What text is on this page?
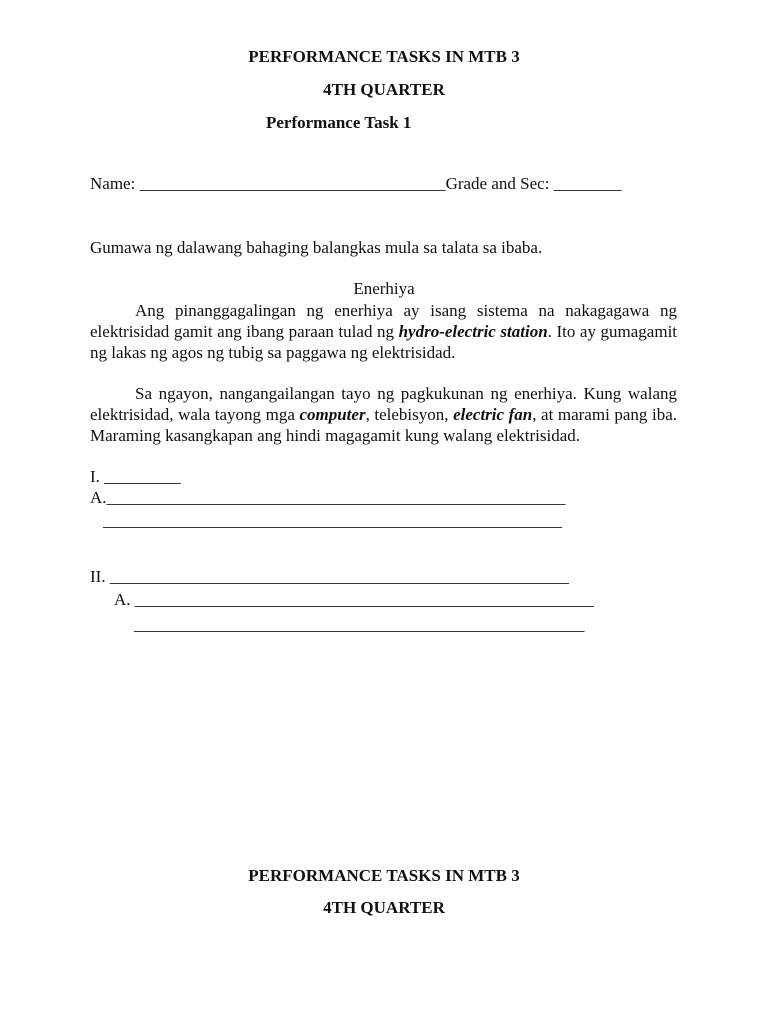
PERFORMANCE TASKS IN MTB 3
4TH QUARTER
Performance Task 1
Name: ____________________________________Grade and Sec: ________
Gumawa ng dalawang bahaging balangkas mula sa talata sa ibaba.
Enerhiya

Ang pinanggagalingan ng enerhiya ay isang sistema na nakagagawa ng elektrisidad gamit ang ibang paraan tulad ng hydro-electric station. Ito ay gumagamit ng lakas ng agos ng tubig sa paggawa ng elektrisidad.

Sa ngayon, nangangailangan tayo ng pagkukunan ng enerhiya. Kung walang elektrisidad, wala tayong mga computer, telebisyon, electric fan, at marami pang iba. Maraming kasangkapan ang hindi magagamit kung walang elektrisidad.

I. _________
A.______________________________________________________
______________________________________________________
II. ______________________________________________________
A. ______________________________________________________
_____________________________________________________
PERFORMANCE TASKS IN MTB 3
4TH QUARTER
